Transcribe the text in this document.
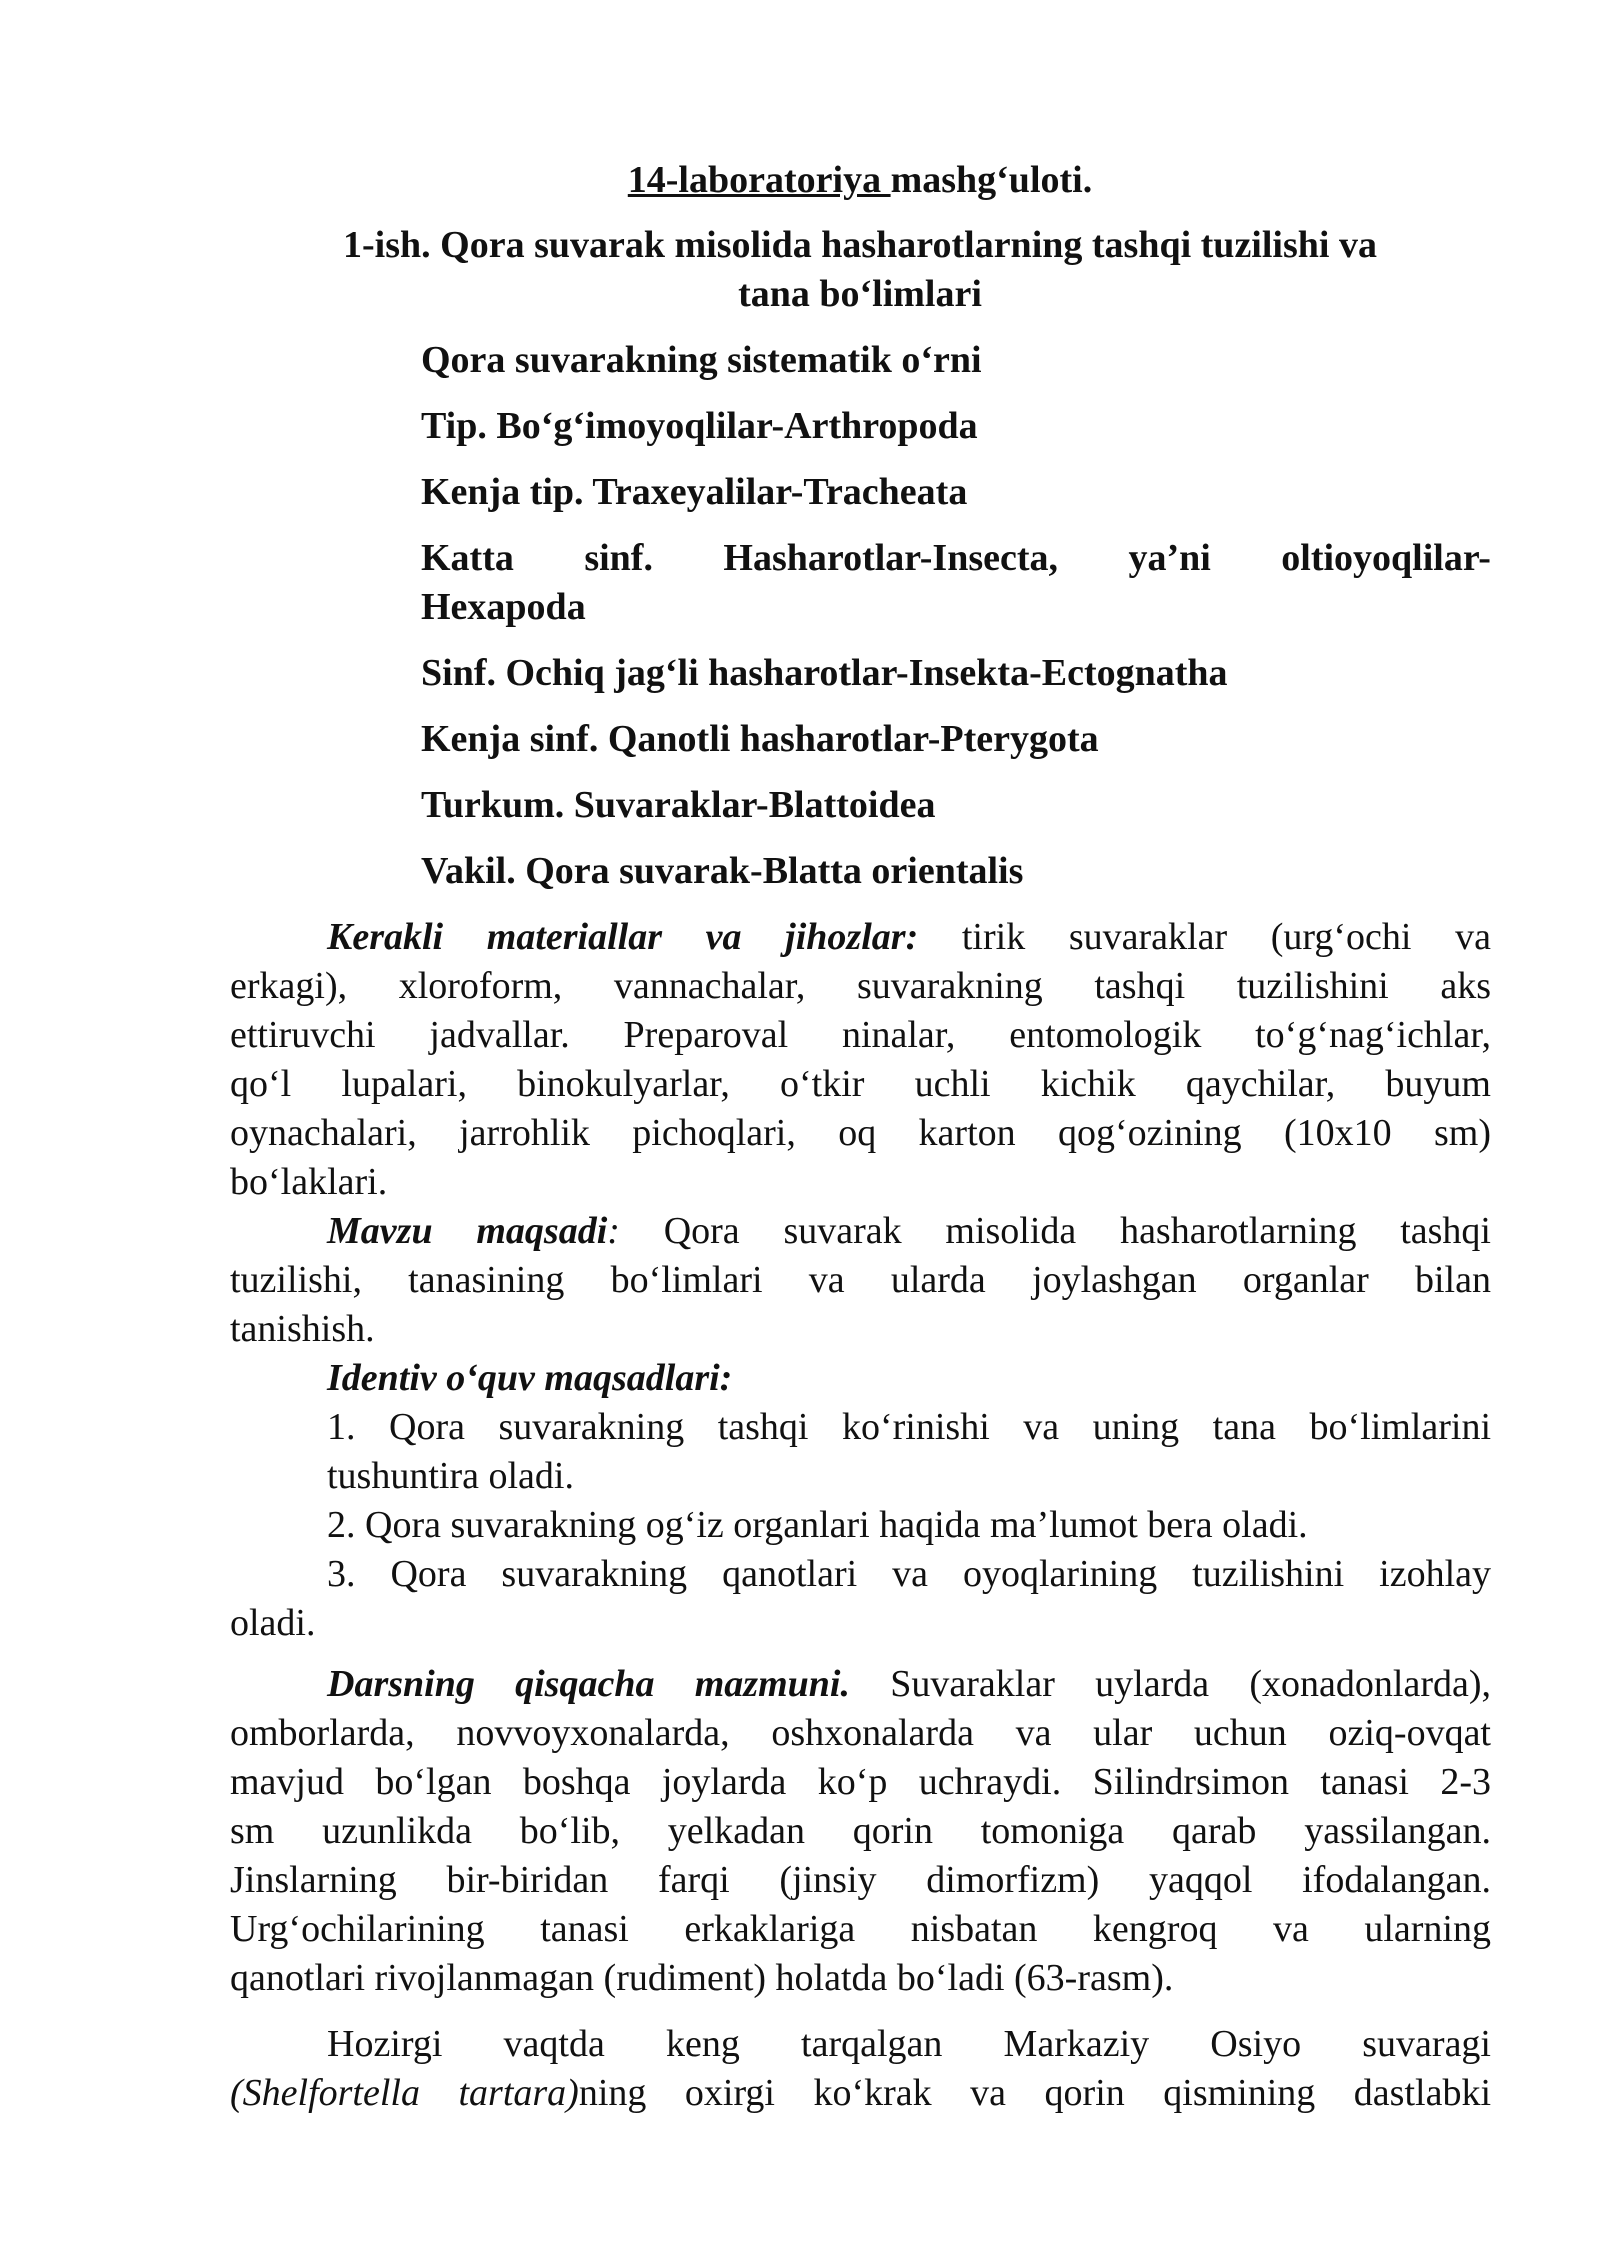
14-laboratoriya mashg‘uloti.

1-ish. Qora suvarak misolida hasharotlarning tashqi tuzilishi va

tana bo‘limlari

Qora suvarakning sistematik o‘rni

Tip. Bo‘g‘imoyoqlilar-Arthropoda

Kenja tip. Traxeyalilar-Tracheata

Katta sinf. Hasharotlar-Insecta, ya’ni oltioyoqlilar-

Hexapoda

Sinf. Ochiq jag‘li hasharotlar-Insekta-Ectognatha

Kenja sinf. Qanotli hasharotlar-Pterygota

Turkum. Suvaraklar-Blattoidea

Vakil. Qora suvarak-Blatta orientalis

Kerakli materiallar va jihozlar: tirik suvaraklar (urg‘ochi va

erkagi), xloroform, vannachalar, suvarakning tashqi tuzilishini aks

ettiruvchi jadvallar. Preparoval ninalar, entomologik to‘g‘nag‘ichlar,

qo‘l lupalari, binokulyarlar, o‘tkir uchli kichik qaychilar, buyum

oynachalari, jarrohlik pichoqlari, oq karton qog‘ozining (10x10 sm)

bo‘laklari.

Mavzu maqsadi: Qora suvarak misolida hasharotlarning tashqi

tuzilishi, tanasining bo‘limlari va ularda joylashgan organlar bilan

tanishish.

Identiv o‘quv maqsadlari:

1. Qora suvarakning tashqi ko‘rinishi va uning tana bo‘limlarini

tushuntira oladi.

2. Qora suvarakning og‘iz organlari haqida ma’lumot bera oladi.

3. Qora suvarakning qanotlari va oyoqlarining tuzilishini izohlay

oladi.

Darsning qisqacha mazmuni. Suvaraklar uylarda (xonadonlarda),

omborlarda, novvoyxonalarda, oshxonalarda va ular uchun oziq-ovqat

mavjud bo‘lgan boshqa joylarda ko‘p uchraydi. Silindrsimon tanasi 2-3

sm uzunlikda bo‘lib, yelkadan qorin tomoniga qarab yassilangan.

Jinslarning bir-biridan farqi (jinsiy dimorfizm) yaqqol ifodalangan.

Urg‘ochilarining tanasi erkaklariga nisbatan kengroq va ularning

qanotlari rivojlanmagan (rudiment) holatda bo‘ladi (63-rasm).

Hozirgi vaqtda keng tarqalgan Markaziy Osiyo suvaragi

(Shelfortella tartara)ning oxirgi ko‘krak va qorin qismining dastlabki
